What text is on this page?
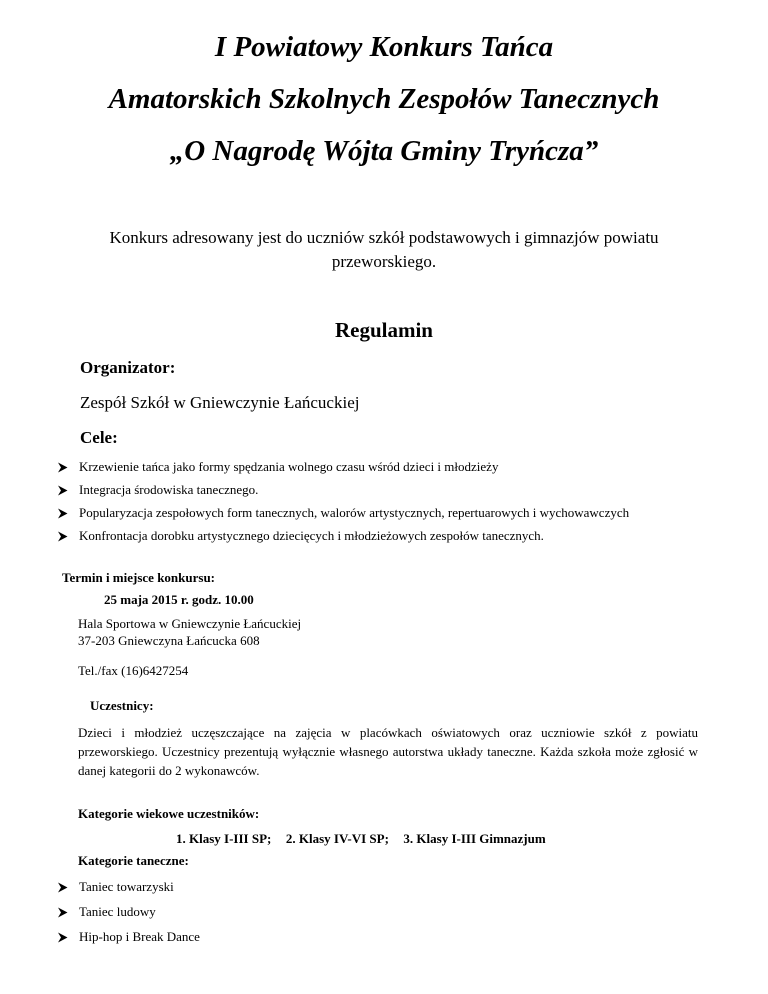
I Powiatowy Konkurs Tańca
Amatorskich Szkolnych Zespołów Tanecznych
„O Nagrodę Wójta Gminy Tryńcza”
Konkurs adresowany jest do uczniów szkół podstawowych i gimnazjów powiatu
przeworskiego.
Regulamin
Organizator:
Zespół Szkół w Gniewczynie Łańcuckiej
Cele:
Krzewienie tańca jako formy spędzania wolnego czasu wśród dzieci i młodzieży
Integracja środowiska tanecznego.
Popularyzacja zespołowych form tanecznych, walorów artystycznych, repertuarowych i wychowawczych
Konfrontacja dorobku artystycznego dziecięcych i młodzieżowych zespołów tanecznych.
Termin i miejsce konkursu:
25 maja 2015 r. godz. 10.00
Hala Sportowa w Gniewczynie Łańcuckiej
37-203 Gniewczyna Łańcucka 608
Tel./fax (16)6427254
Uczestnicy:
Dzieci i młodzież uczęszczające na zajęcia w placówkach oświatowych oraz uczniowie szkół z powiatu przeworskiego. Uczestnicy prezentują wyłącznie własnego autorstwa układy taneczne. Każda szkoła może zgłosić w danej kategorii do 2 wykonawców.
Kategorie wiekowe uczestników:
1. Klasy I-III SP; 2. Klasy IV-VI SP; 3. Klasy I-III Gimnazjum
Kategorie taneczne:
Taniec towarzyski
Taniec ludowy
Hip-hop i Break Dance
